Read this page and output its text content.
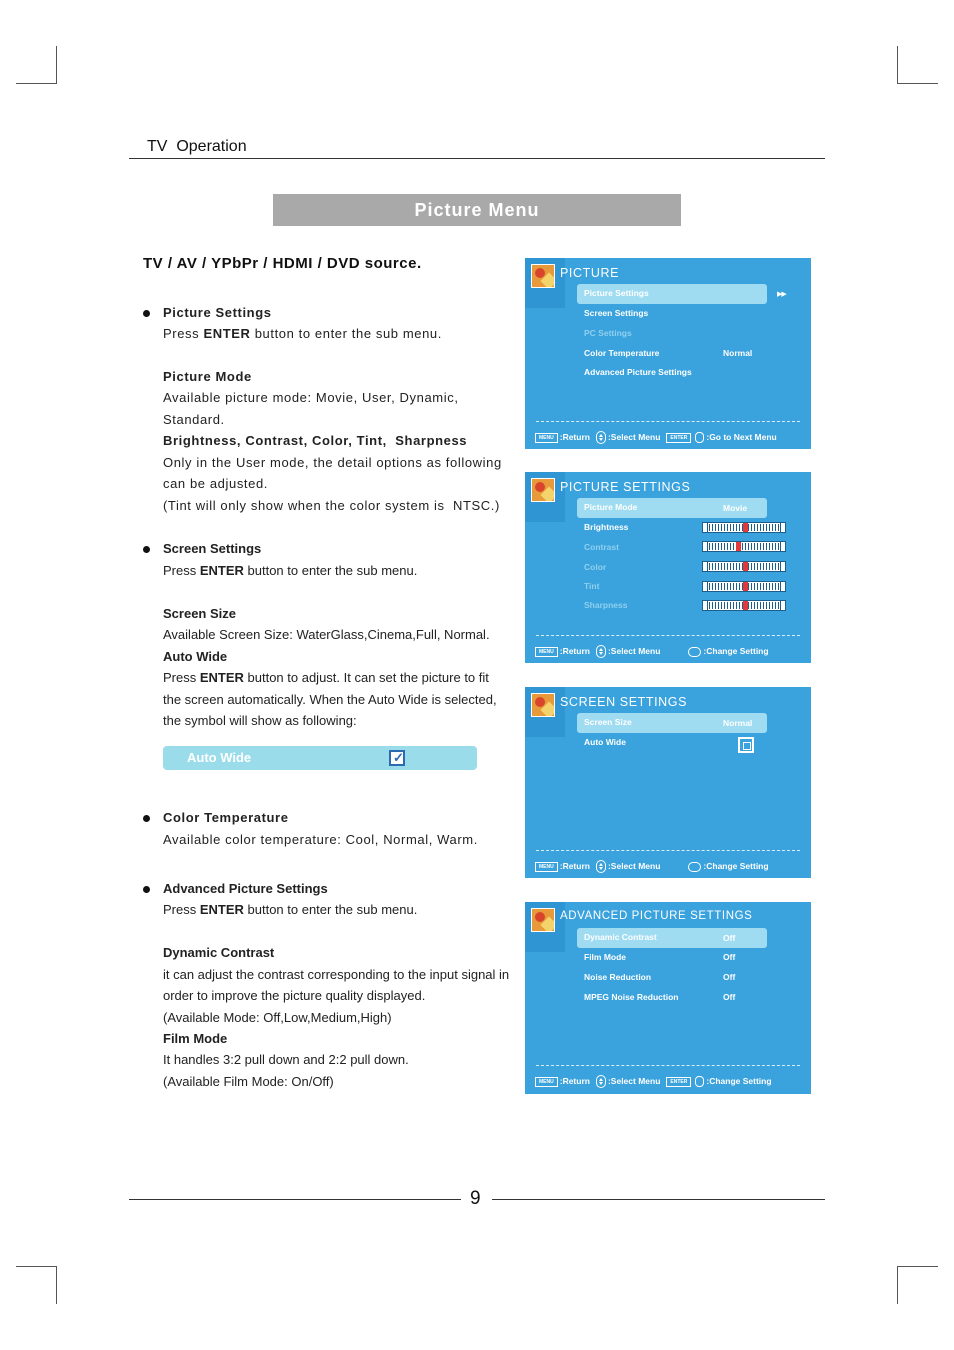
TV  Operation
Picture Menu
TV / AV / YPbPr / HDMI / DVD source.
Picture Settings
Press ENTER button to enter the sub menu.
Picture Mode
Available picture mode: Movie, User, Dynamic,
Standard.
Brightness, Contrast, Color, Tint,  Sharpness
Only in the User mode, the detail options as following
can be adjusted.
(Tint will only show when the color system is  NTSC.)
Screen Settings
Press ENTER button to enter the sub menu.
Screen Size
Available Screen Size: WaterGlass,Cinema,Full, Normal.
Auto Wide
Press ENTER button to adjust. It can set the picture to fit
the screen automatically. When the Auto Wide is selected,
the symbol will show as following:
Auto Wide	✓
Color Temperature
Available color temperature: Cool, Normal, Warm.
Advanced Picture Settings
Press ENTER button to enter the sub menu.
Dynamic Contrast
it can adjust the contrast corresponding to the input signal in
order to improve the picture quality displayed.
(Available Mode: Off,Low,Medium,High)
Film Mode
It handles 3:2 pull down and 2:2 pull down.
(Available Film Mode: On/Off)
PICTURE
Picture Settings	▶▶
Screen Settings
PC Settings
Color Temperature	Normal
Advanced Picture Settings
MENU :Return :Select Menu ENTER :Go to Next Menu
PICTURE SETTINGS
Picture Mode	Movie
Brightness
Contrast
Color
Tint
Sharpness
MENU :Return :Select Menu	:Change Setting
SCREEN SETTINGS
Screen Size	Normal
Auto Wide
MENU :Return :Select Menu	:Change Setting
ADVANCED PICTURE SETTINGS
Dynamic Contrast	Off
Film Mode	Off
Noise Reduction	Off
MPEG Noise Reduction	Off
MENU :Return :Select Menu ENTER :Change Setting
9
